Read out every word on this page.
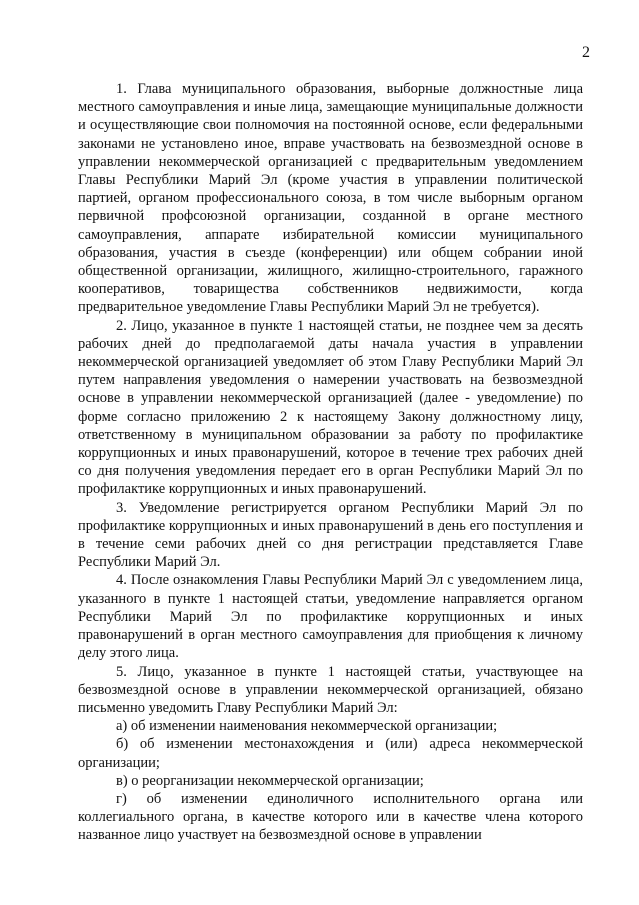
2

1. Глава муниципального образования, выборные должностные лица местного самоуправления и иные лица, замещающие муниципальные должности и осуществляющие свои полномочия на постоянной основе, если федеральными законами не установлено иное, вправе участвовать на безвозмездной основе в управлении некоммерческой организацией с предварительным уведомлением Главы Республики Марий Эл (кроме участия в управлении политической партией, органом профессионального союза, в том числе выборным органом первичной профсоюзной организации, созданной в органе местного самоуправления, аппарате избирательной комиссии муниципального образования, участия в съезде (конференции) или общем собрании иной общественной организации, жилищного, жилищно-строительного, гаражного кооперативов, товарищества собственников недвижимости, когда предварительное уведомление Главы Республики Марий Эл не требуется).

2. Лицо, указанное в пункте 1 настоящей статьи, не позднее чем за десять рабочих дней до предполагаемой даты начала участия в управлении некоммерческой организацией уведомляет об этом Главу Республики Марий Эл путем направления уведомления о намерении участвовать на безвозмездной основе в управлении некоммерческой организацией (далее - уведомление) по форме согласно приложению 2 к настоящему Закону должностному лицу, ответственному в муниципальном образовании за работу по профилактике коррупционных и иных правонарушений, которое в течение трех рабочих дней со дня получения уведомления передает его в орган Республики Марий Эл по профилактике коррупционных и иных правонарушений.

3. Уведомление регистрируется органом Республики Марий Эл по профилактике коррупционных и иных правонарушений в день его поступления и в течение семи рабочих дней со дня регистрации представляется Главе Республики Марий Эл.

4. После ознакомления Главы Республики Марий Эл с уведомлением лица, указанного в пункте 1 настоящей статьи, уведомление направляется органом Республики Марий Эл по профилактике коррупционных и иных правонарушений в орган местного самоуправления для приобщения к личному делу этого лица.

5. Лицо, указанное в пункте 1 настоящей статьи, участвующее на безвозмездной основе в управлении некоммерческой организацией, обязано письменно уведомить Главу Республики Марий Эл:

а) об изменении наименования некоммерческой организации;

б) об изменении местонахождения и (или) адреса некоммерческой организации;

в) о реорганизации некоммерческой организации;

г) об изменении единоличного исполнительного органа или коллегиального органа, в качестве которого или в качестве члена которого названное лицо участвует на безвозмездной основе в управлении
